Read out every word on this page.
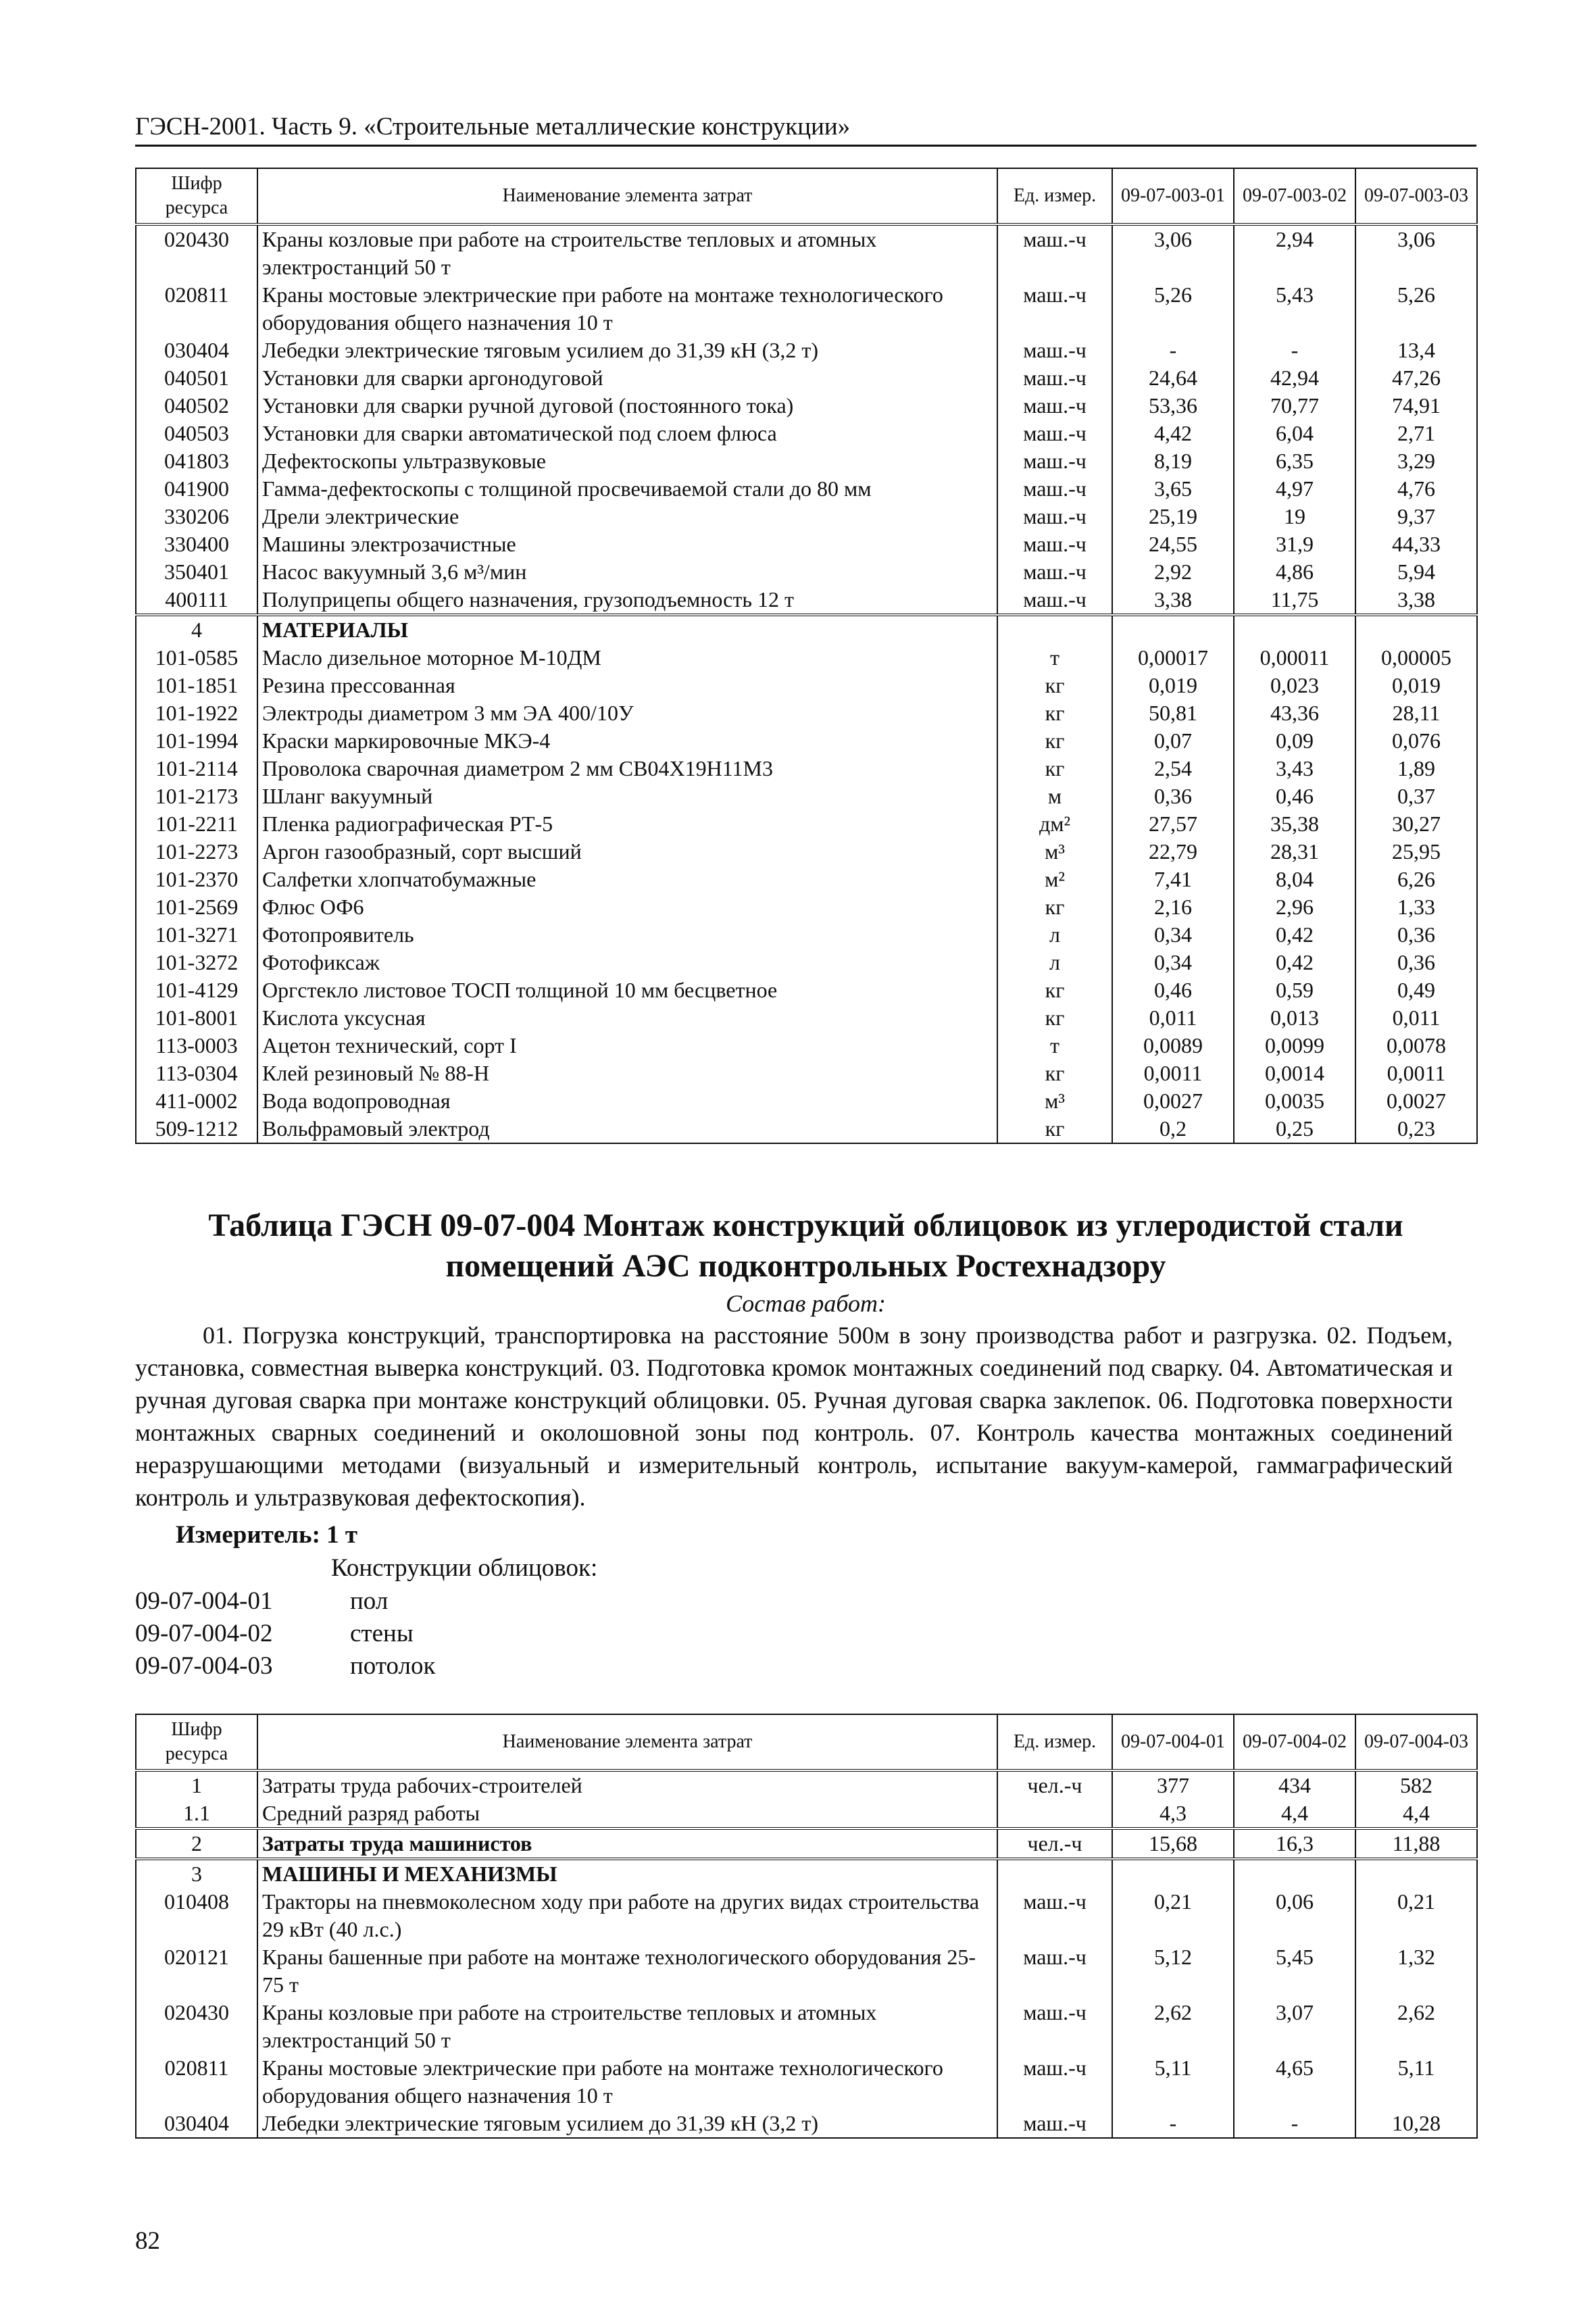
ГЭСН-2001. Часть 9. «Строительные металлические конструкции»
Шифр ресурса	Наименование элемента затрат	Ед. измер.	09-07-003-01	09-07-003-02	09-07-003-03
020430	Краны козловые при работе на строительстве тепловых и атомных электростанций 50 т	маш.-ч	3,06	2,94	3,06
020811	Краны мостовые электрические при работе на монтаже технологического оборудования общего назначения 10 т	маш.-ч	5,26	5,43	5,26
030404	Лебедки электрические тяговым усилием до 31,39 кН (3,2 т)	маш.-ч	-	-	13,4
040501	Установки для сварки аргонодуговой	маш.-ч	24,64	42,94	47,26
040502	Установки для сварки ручной дуговой (постоянного тока)	маш.-ч	53,36	70,77	74,91
040503	Установки для сварки автоматической под слоем флюса	маш.-ч	4,42	6,04	2,71
041803	Дефектоскопы ультразвуковые	маш.-ч	8,19	6,35	3,29
041900	Гамма-дефектоскопы с толщиной просвечиваемой стали до 80 мм	маш.-ч	3,65	4,97	4,76
330206	Дрели электрические	маш.-ч	25,19	19	9,37
330400	Машины электрозачистные	маш.-ч	24,55	31,9	44,33
350401	Насос вакуумный 3,6 м³/мин	маш.-ч	2,92	4,86	5,94
400111	Полуприцепы общего назначения, грузоподъемность 12 т	маш.-ч	3,38	11,75	3,38
4	МАТЕРИАЛЫ				
101-0585	Масло дизельное моторное М-10ДМ	т	0,00017	0,00011	0,00005
101-1851	Резина прессованная	кг	0,019	0,023	0,019
101-1922	Электроды диаметром 3 мм ЭА 400/10У	кг	50,81	43,36	28,11
101-1994	Краски маркировочные МКЭ-4	кг	0,07	0,09	0,076
101-2114	Проволока сварочная диаметром 2 мм СВ04Х19Н11М3	кг	2,54	3,43	1,89
101-2173	Шланг вакуумный	м	0,36	0,46	0,37
101-2211	Пленка радиографическая РТ-5	дм²	27,57	35,38	30,27
101-2273	Аргон газообразный, сорт высший	м³	22,79	28,31	25,95
101-2370	Салфетки хлопчатобумажные	м²	7,41	8,04	6,26
101-2569	Флюс ОФ6	кг	2,16	2,96	1,33
101-3271	Фотопроявитель	л	0,34	0,42	0,36
101-3272	Фотофиксаж	л	0,34	0,42	0,36
101-4129	Оргстекло листовое ТОСП толщиной 10 мм бесцветное	кг	0,46	0,59	0,49
101-8001	Кислота уксусная	кг	0,011	0,013	0,011
113-0003	Ацетон технический, сорт I	т	0,0089	0,0099	0,0078
113-0304	Клей резиновый № 88-Н	кг	0,0011	0,0014	0,0011
411-0002	Вода водопроводная	м³	0,0027	0,0035	0,0027
509-1212	Вольфрамовый электрод	кг	0,2	0,25	0,23
Таблица ГЭСН 09-07-004 Монтаж конструкций облицовок из углеродистой стали
помещений АЭС подконтрольных Ростехнадзору
Состав работ:
01. Погрузка конструкций, транспортировка на расстояние 500м в зону производства работ и разгрузка. 02. Подъем, установка, совместная выверка конструкций. 03. Подготовка кромок монтажных соединений под сварку. 04. Автоматическая и ручная дуговая сварка при монтаже конструкций облицовки. 05. Ручная дуговая сварка заклепок. 06. Подготовка поверхности монтажных сварных соединений и околошовной зоны под контроль. 07. Контроль качества монтажных соединений неразрушающими методами (визуальный и измерительный контроль, испытание вакуум-камерой, гаммаграфический контроль и ультразвуковая дефектоскопия).
Измеритель: 1 т
Конструкции облицовок:
09-07-004-01	пол
09-07-004-02	стены
09-07-004-03	потолок
Шифр ресурса	Наименование элемента затрат	Ед. измер.	09-07-004-01	09-07-004-02	09-07-004-03
1	Затраты труда рабочих-строителей	чел.-ч	377	434	582
1.1	Средний разряд работы		4,3	4,4	4,4
2	Затраты труда машинистов	чел.-ч	15,68	16,3	11,88
3	МАШИНЫ И МЕХАНИЗМЫ				
010408	Тракторы на пневмоколесном ходу при работе на других видах строительства 29 кВт (40 л.с.)	маш.-ч	0,21	0,06	0,21
020121	Краны башенные при работе на монтаже технологического оборудования 25-75 т	маш.-ч	5,12	5,45	1,32
020430	Краны козловые при работе на строительстве тепловых и атомных электростанций 50 т	маш.-ч	2,62	3,07	2,62
020811	Краны мостовые электрические при работе на монтаже технологического оборудования общего назначения 10 т	маш.-ч	5,11	4,65	5,11
030404	Лебедки электрические тяговым усилием до 31,39 кН (3,2 т)	маш.-ч	-	-	10,28
82
